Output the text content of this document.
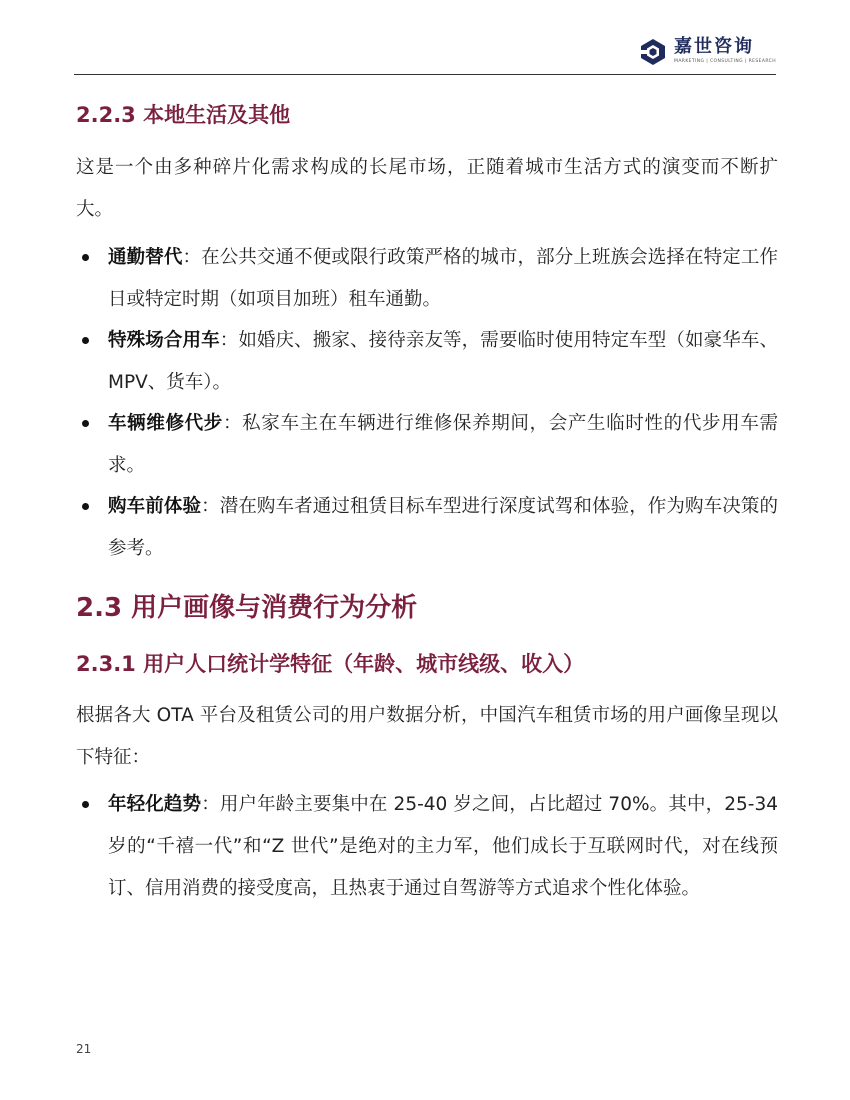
嘉世咨询
MARKETING | CONSULTING | RESEARCH
2.2.3 本地生活及其他
这是一个由多种碎片化需求构成的长尾市场，正随着城市生活方式的演变而不断扩大。
通勤替代：在公共交通不便或限行政策严格的城市，部分上班族会选择在特定工作日或特定时期（如项目加班）租车通勤。
特殊场合用车：如婚庆、搬家、接待亲友等，需要临时使用特定车型（如豪华车、MPV、货车）。
车辆维修代步：私家车主在车辆进行维修保养期间，会产生临时性的代步用车需求。
购车前体验：潜在购车者通过租赁目标车型进行深度试驾和体验，作为购车决策的参考。
2.3 用户画像与消费行为分析
2.3.1 用户人口统计学特征（年龄、城市线级、收入）
根据各大 OTA 平台及租赁公司的用户数据分析，中国汽车租赁市场的用户画像呈现以下特征：
年轻化趋势：用户年龄主要集中在 25-40 岁之间，占比超过 70%。其中，25-34 岁的“千禧一代”和“Z 世代”是绝对的主力军，他们成长于互联网时代，对在线预订、信用消费的接受度高，且热衷于通过自驾游等方式追求个性化体验。
21
